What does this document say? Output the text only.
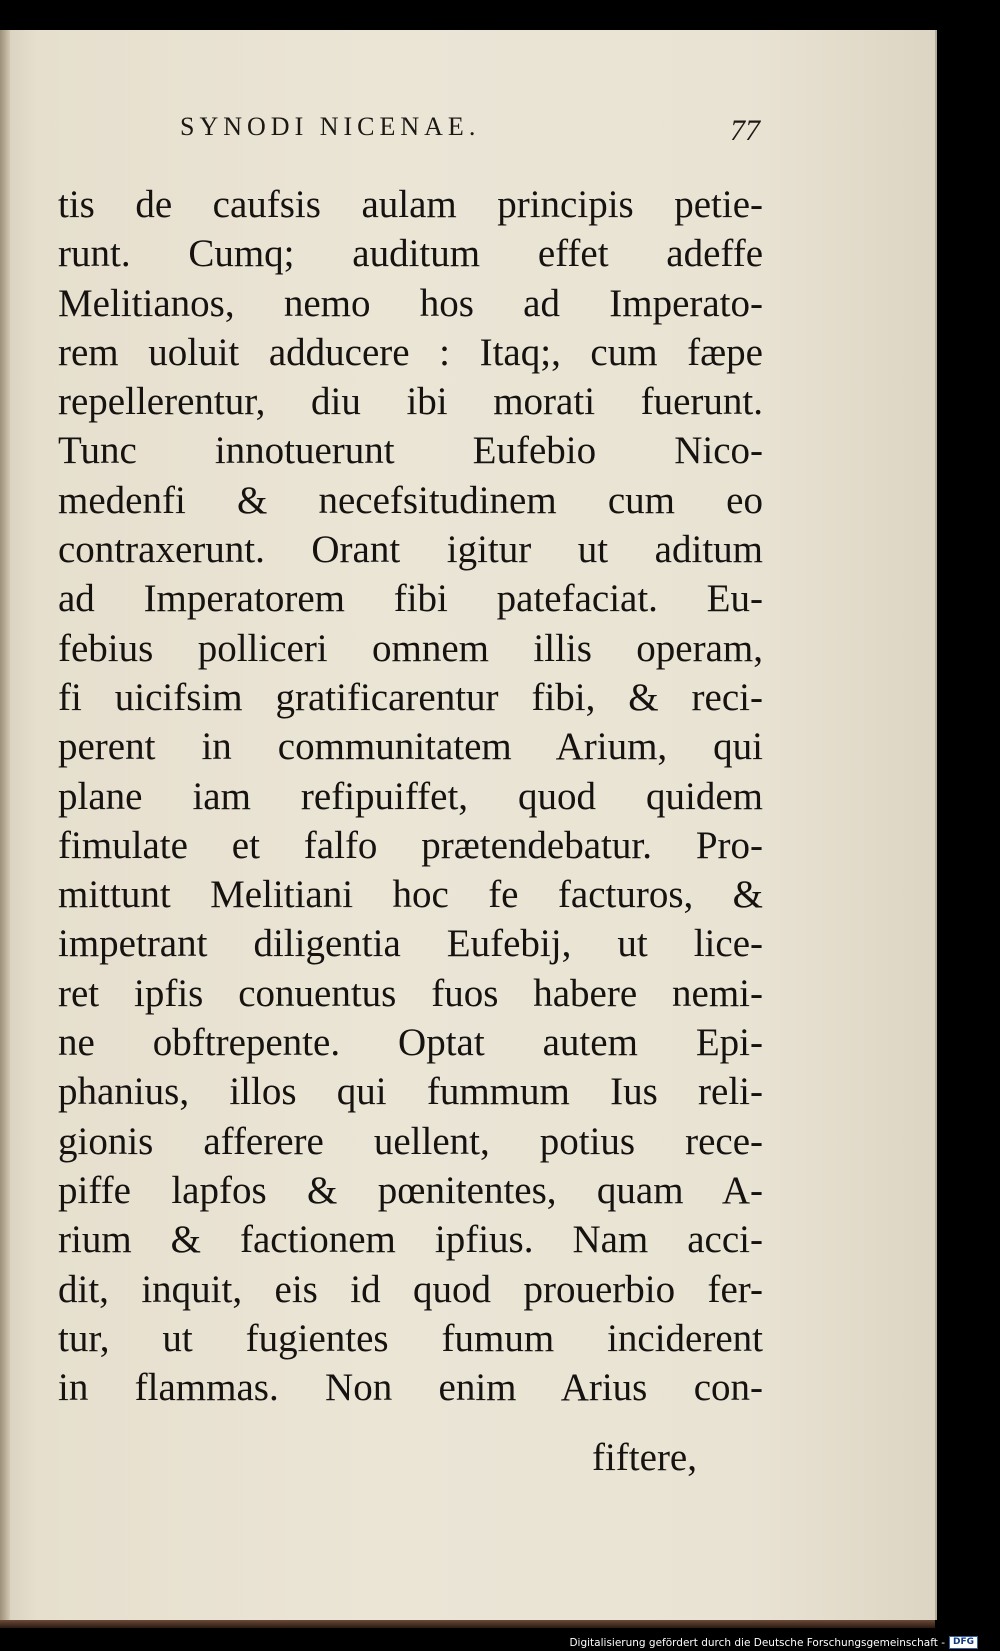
SYNODI NICENAE.	77
tis de caufsis aulam principis petie-
runt. Cumq; auditum effet adeffe
Melitianos, nemo hos ad Imperato-
rem uoluit adducere : Itaq;, cum fæpe
repellerentur, diu ibi morati fuerunt.
Tunc innotuerunt Eufebio Nico-
medenfi & necefsitudinem cum eo
contraxerunt. Orant igitur ut aditum
ad Imperatorem fibi patefaciat. Eu-
febius polliceri omnem illis operam,
fi uicifsim gratificarentur fibi, & reci-
perent in communitatem Arium, qui
plane iam refipuiffet, quod quidem
fimulate et falfo prætendebatur. Pro-
mittunt Melitiani hoc fe facturos, &
impetrant diligentia Eufebij, ut lice-
ret ipfis conuentus fuos habere nemi-
ne obftrepente. Optat autem Epi-
phanius, illos qui fummum Ius reli-
gionis afferere uellent, potius rece-
piffe lapfos & pœnitentes, quam A-
rium & factionem ipfius. Nam acci-
dit, inquit, eis id quod prouerbio fer-
tur, ut fugientes fumum inciderent
in flammas. Non enim Arius con-
fiftere,
Digitalisierung gefördert durch die Deutsche Forschungsgemeinschaft - DFG
